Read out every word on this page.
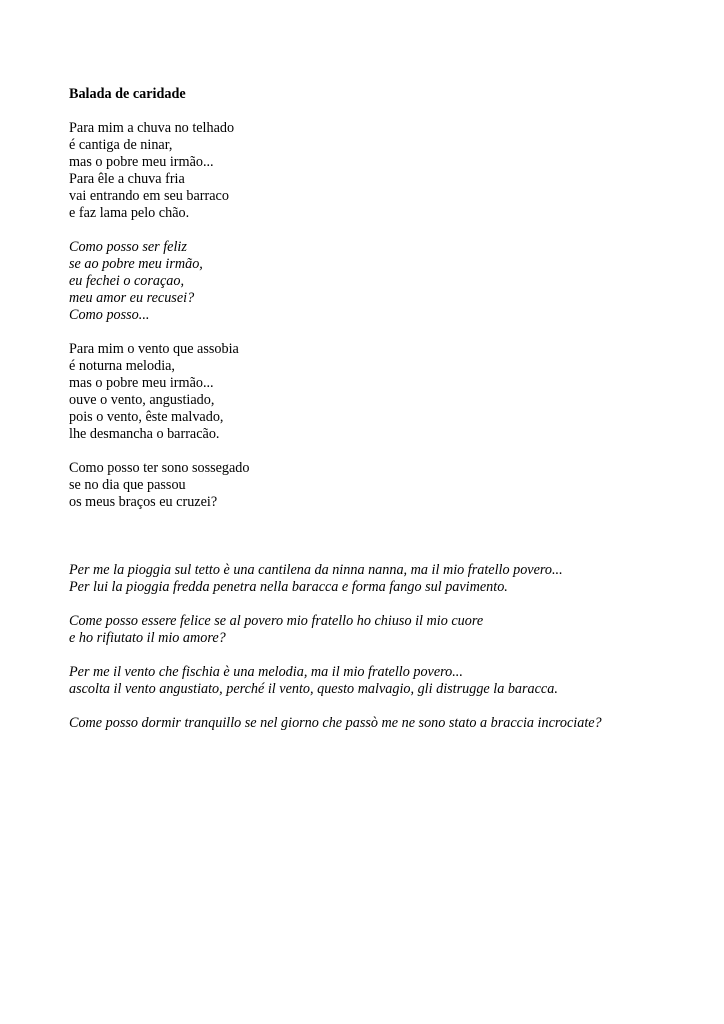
Balada de caridade
Para mim a chuva no telhado
é cantiga de ninar,
mas o pobre meu irmão...
Para êle a chuva fria
vai entrando em seu barraco
e faz lama pelo chão.
Como posso ser feliz
se ao pobre meu irmão,
eu fechei o coraçao,
meu amor eu recusei?
Como posso...
Para mim o vento que assobia
é noturna melodia,
mas o pobre meu irmão...
ouve o vento, angustiado,
pois o vento, êste malvado,
lhe desmancha o barracão.
Como posso ter sono sossegado
se no dia que passou
os meus braços eu cruzei?
Per me la pioggia sul tetto è una cantilena da ninna nanna, ma il mio fratello povero...
Per lui la pioggia fredda penetra nella baracca e forma fango sul pavimento.
Come posso essere felice se al povero mio fratello ho chiuso il mio cuore
e ho rifiutato il mio amore?
Per me il vento che fischia è una melodia, ma il mio fratello povero...
ascolta il vento angustiato, perché il vento, questo malvagio, gli distrugge la baracca.
Come posso dormir tranquillo se nel giorno che passò me ne sono stato a braccia incrociate?
